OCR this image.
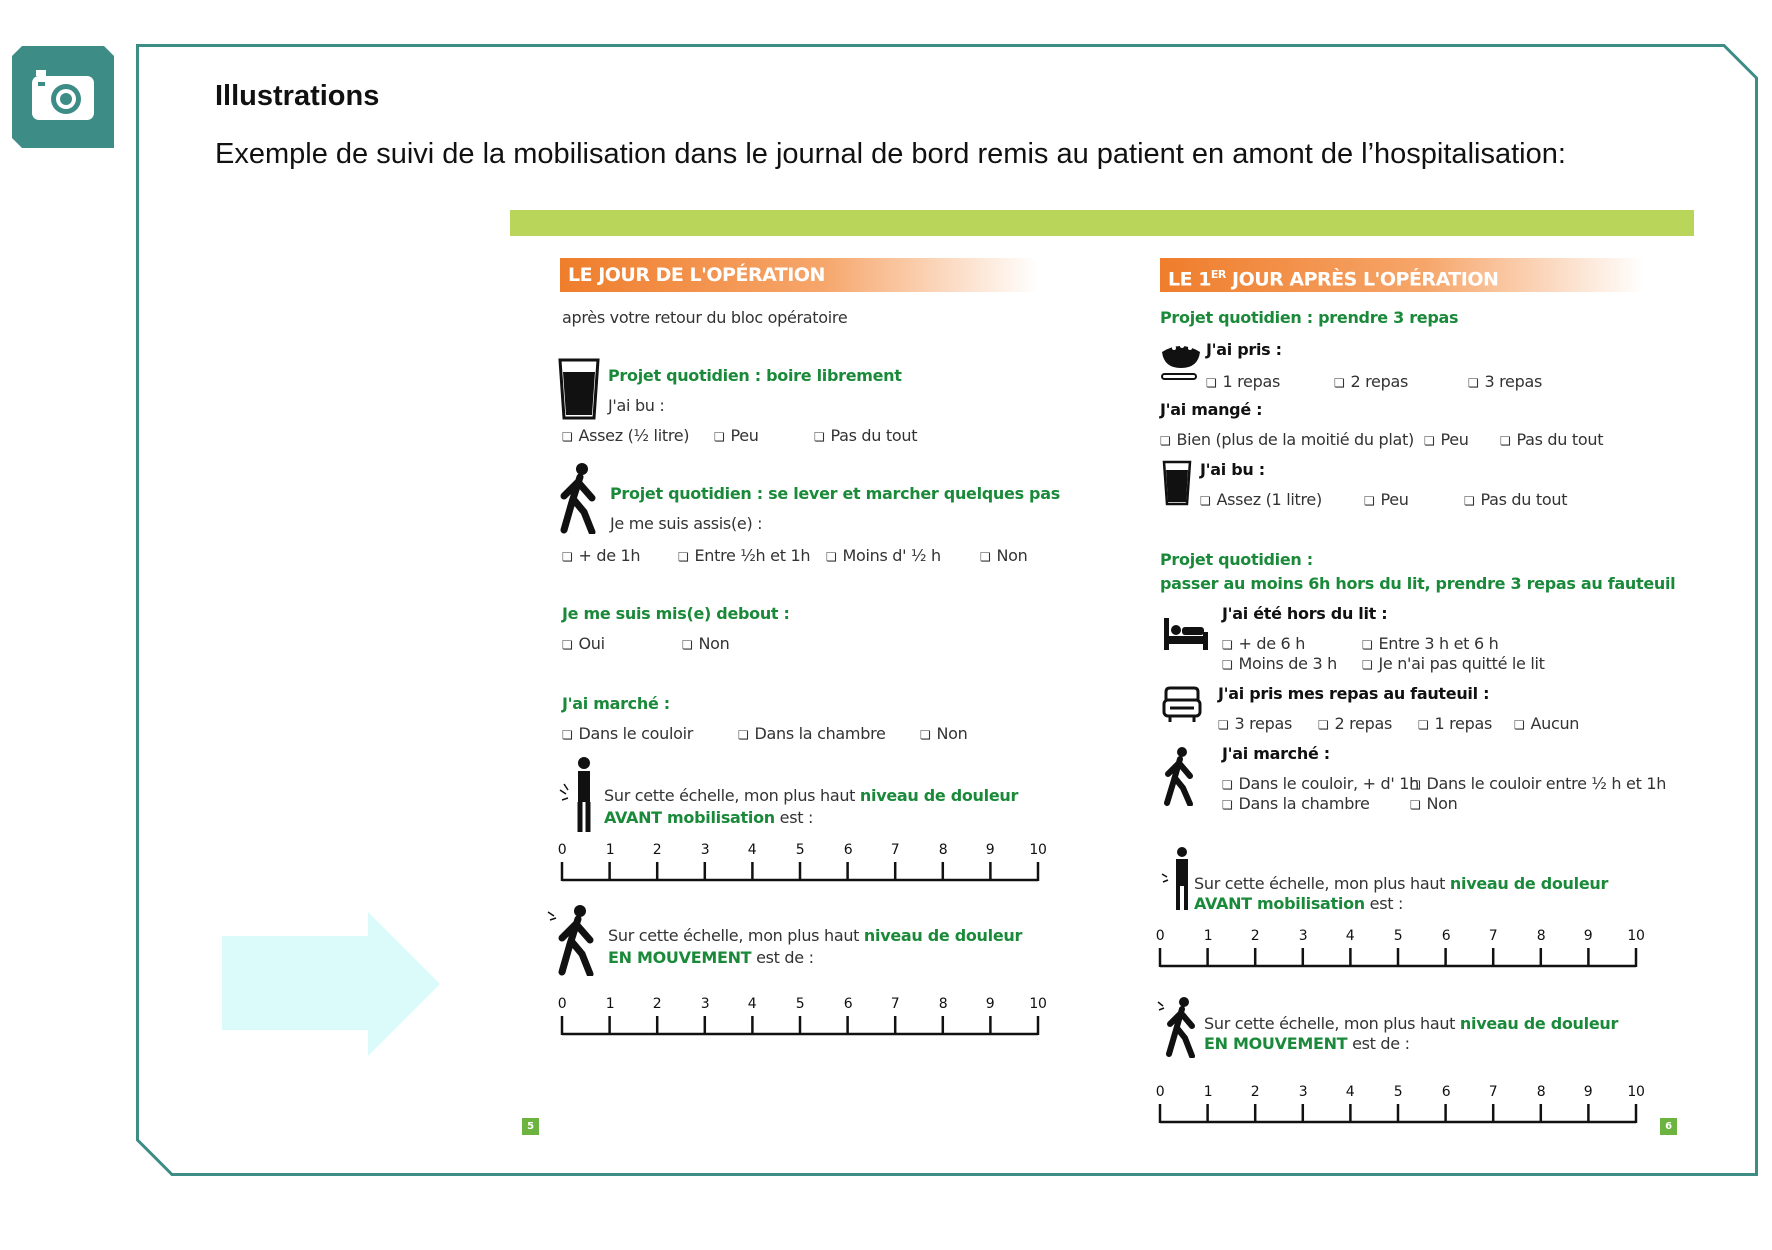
Illustrations
Exemple de suivi de la mobilisation dans le journal de bord remis au patient en amont de l’hospitalisation:
LE JOUR DE L'OPÉRATION
après votre retour du bloc opératoire
Projet quotidien : boire librement
J'ai bu :
❏ Assez (½ litre)	❏ Peu	❏ Pas du tout
Projet quotidien : se lever et marcher quelques pas
Je me suis assis(e) :
❏ + de 1h	❏ Entre ½h et 1h	❏ Moins d' ½ h	❏ Non
Je me suis mis(e) debout :
❏ Oui	❏ Non
J'ai marché :
❏ Dans le couloir	❏ Dans la chambre	❏ Non
Sur cette échelle, mon plus haut niveau de douleur
AVANT mobilisation est :
0	1	2	3	4	5	6	7	8	9	10
Sur cette échelle, mon plus haut niveau de douleur
EN MOUVEMENT est de :
0	1	2	3	4	5	6	7	8	9	10
5
LE 1ER JOUR APRÈS L'OPÉRATION
Projet quotidien : prendre 3 repas
J'ai pris :
❏ 1 repas	❏ 2 repas	❏ 3 repas
J'ai mangé :
❏ Bien (plus de la moitié du plat)	❏ Peu	❏ Pas du tout
J'ai bu :
❏ Assez (1 litre)	❏ Peu	❏ Pas du tout
Projet quotidien :
passer au moins 6h hors du lit, prendre 3 repas au fauteuil
J'ai été hors du lit :
❏ + de 6 h	❏ Entre 3 h et 6 h
❏ Moins de 3 h	❏ Je n'ai pas quitté le lit
J'ai pris mes repas au fauteuil :
❏ 3 repas	❏ 2 repas	❏ 1 repas	❏ Aucun
J'ai marché :
❏ Dans le couloir, + d' 1h ❏ Dans le couloir entre ½ h et 1h
❏ Dans la chambre	❏ Non
Sur cette échelle, mon plus haut niveau de douleur
AVANT mobilisation est :
0	1	2	3	4	5	6	7	8	9	10
Sur cette échelle, mon plus haut niveau de douleur
EN MOUVEMENT est de :
0	1	2	3	4	5	6	7	8	9	10
6
